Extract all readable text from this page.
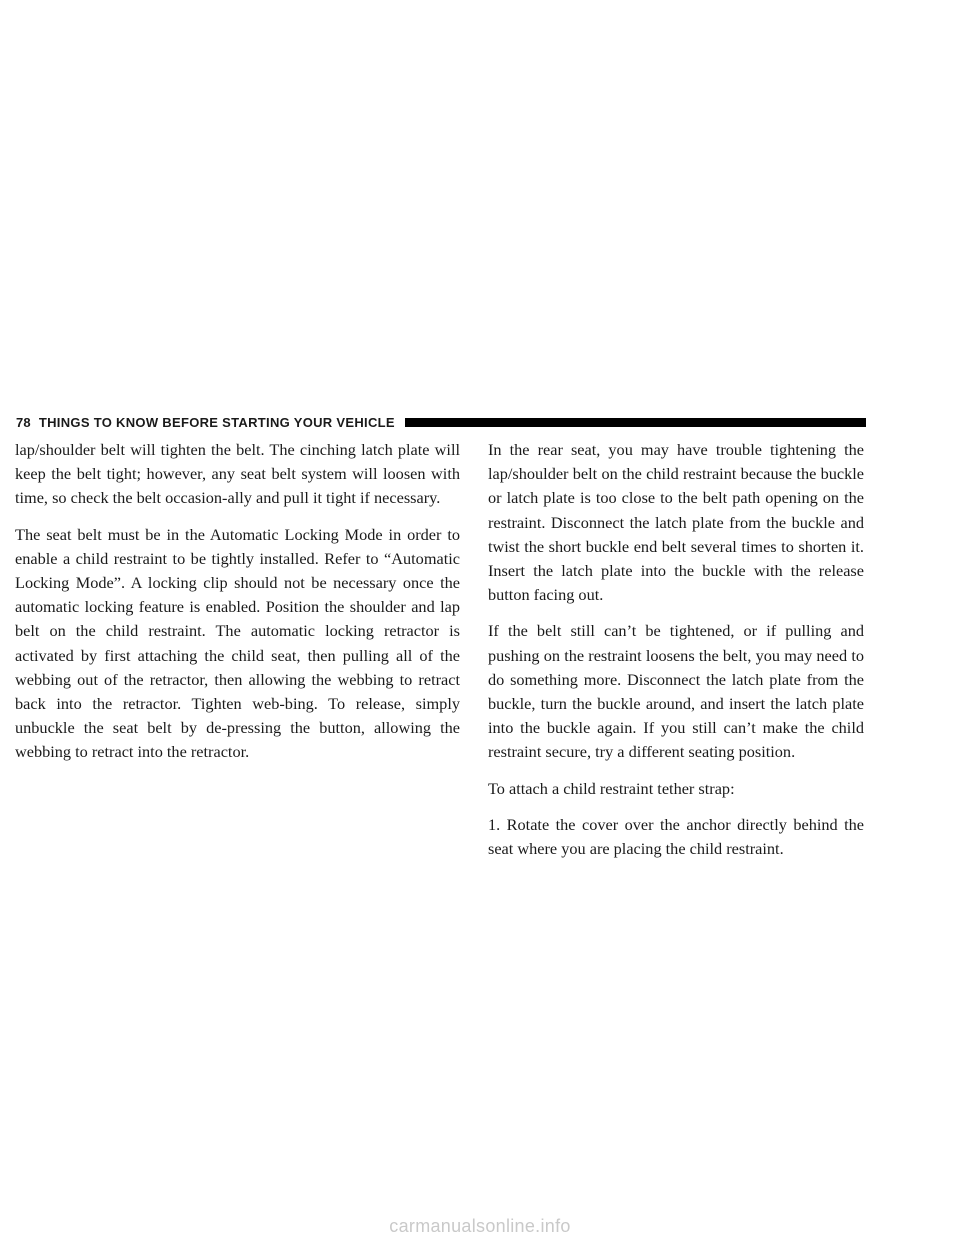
78 THINGS TO KNOW BEFORE STARTING YOUR VEHICLE

lap/shoulder belt will tighten the belt. The cinching latch plate will keep the belt tight; however, any seat belt system will loosen with time, so check the belt occasion-ally and pull it tight if necessary.

The seat belt must be in the Automatic Locking Mode in order to enable a child restraint to be tightly installed. Refer to “Automatic Locking Mode”. A locking clip should not be necessary once the automatic locking feature is enabled. Position the shoulder and lap belt on the child restraint. The automatic locking retractor is activated by first attaching the child seat, then pulling all of the webbing out of the retractor, then allowing the webbing to retract back into the retractor. Tighten web-bing. To release, simply unbuckle the seat belt by de-pressing the button, allowing the webbing to retract into the retractor.

In the rear seat, you may have trouble tightening the lap/shoulder belt on the child restraint because the buckle or latch plate is too close to the belt path opening on the restraint. Disconnect the latch plate from the buckle and twist the short buckle end belt several times to shorten it. Insert the latch plate into the buckle with the release button facing out.

If the belt still can’t be tightened, or if pulling and pushing on the restraint loosens the belt, you may need to do something more. Disconnect the latch plate from the buckle, turn the buckle around, and insert the latch plate into the buckle again. If you still can’t make the child restraint secure, try a different seating position.

To attach a child restraint tether strap:

1. Rotate the cover over the anchor directly behind the seat where you are placing the child restraint.

carmanualsonline.info
